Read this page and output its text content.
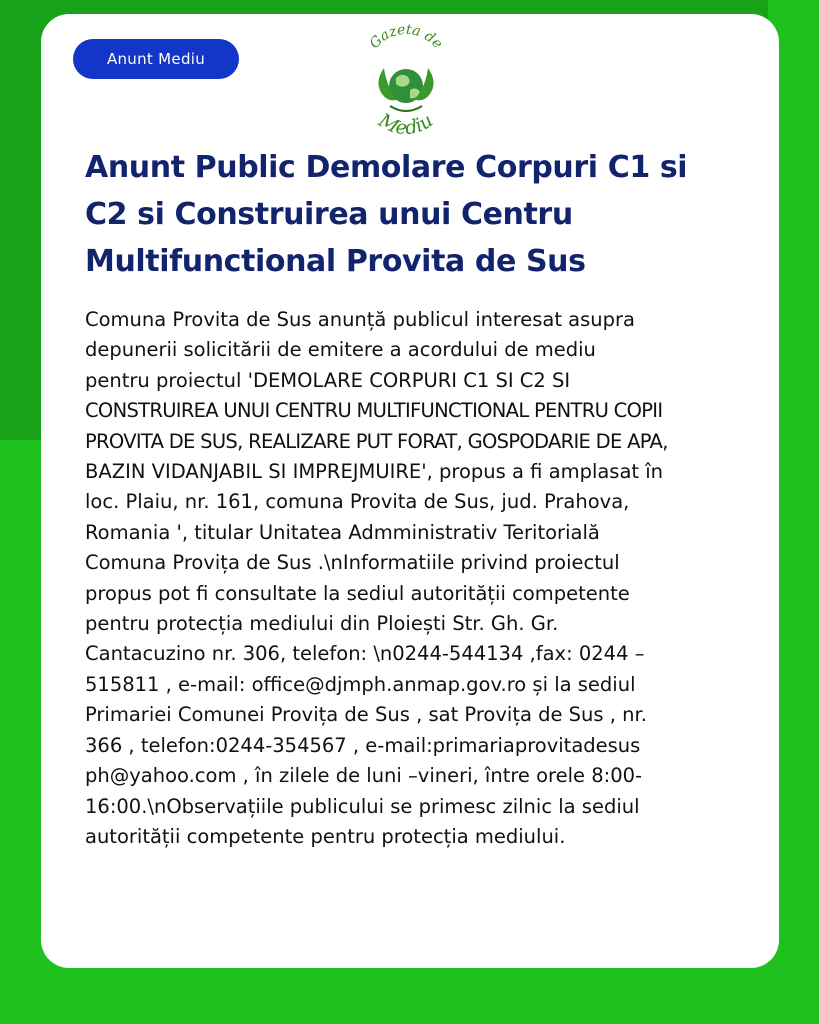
Anunt Mediu
Gazeta de
Mediu
Anunt Public Demolare Corpuri C1 si
C2 si Construirea unui Centru
Multifunctional Provita de Sus
Comuna Provita de Sus anunță publicul interesat asupra
depunerii solicitării de emitere a acordului de mediu
pentru proiectul 'DEMOLARE CORPURI C1 SI C2 SI
CONSTRUIREA UNUI CENTRU MULTIFUNCTIONAL PENTRU COPII
PROVITA DE SUS, REALIZARE PUT FORAT, GOSPODARIE DE APA,
BAZIN VIDANJABIL SI IMPREJMUIRE', propus a fi amplasat în
loc. Plaiu, nr. 161, comuna Provita de Sus, jud. Prahova,
Romania ', titular Unitatea Admministrativ Teritorială
Comuna Provița de Sus .\nInformatiile privind proiectul
propus pot fi consultate la sediul autorității competente
pentru protecția mediului din Ploiești Str. Gh. Gr.
Cantacuzino nr. 306, telefon: \n0244-544134 ,fax: 0244 –
515811 , e-mail: office@djmph.anmap.gov.ro și la sediul
Primariei Comunei Provița de Sus , sat Provița de Sus , nr.
366 , telefon:0244-354567 , e-mail:primariaprovitadesus
ph@yahoo.com , în zilele de luni –vineri, între orele 8:00-
16:00.\nObservațiile publicului se primesc zilnic la sediul
autorității competente pentru protecția mediului.
